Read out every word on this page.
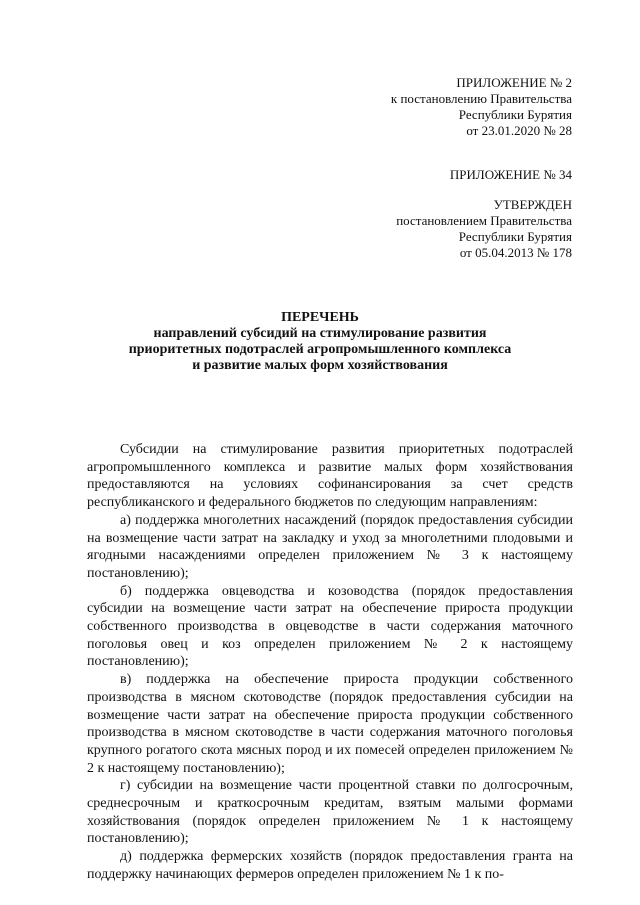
ПРИЛОЖЕНИЕ № 2
к постановлению Правительства
Республики Бурятия
от 23.01.2020 № 28
ПРИЛОЖЕНИЕ № 34
УТВЕРЖДЕН
постановлением Правительства
Республики Бурятия
от 05.04.2013 № 178
ПЕРЕЧЕНЬ
направлений субсидий на стимулирование развития
приоритетных подотраслей агропромышленного комплекса
и развитие малых форм хозяйствования

Субсидии на стимулирование развития приоритетных подотраслей агропромышленного комплекса и развитие малых форм хозяйствования предоставляются на условиях софинансирования за счет средств республиканского и федерального бюджетов по следующим направлениям:

а) поддержка многолетних насаждений (порядок предоставления субсидии на возмещение части затрат на закладку и уход за многолетними плодовыми и ягодными насаждениями определен приложением № 3 к настоящему постановлению);

б) поддержка овцеводства и козоводства (порядок предоставления субсидии на возмещение части затрат на обеспечение прироста продукции собственного производства в овцеводстве в части содержания маточного поголовья овец и коз определен приложением № 2 к настоящему постановлению);

в) поддержка на обеспечение прироста продукции собственного производства в мясном скотоводстве (порядок предоставления субсидии на возмещение части затрат на обеспечение прироста продукции собственного производства в мясном скотоводстве в части содержания маточного поголовья крупного рогатого скота мясных пород и их помесей определен приложением № 2 к настоящему постановлению);

г) субсидии на возмещение части процентной ставки по долгосрочным, среднесрочным и краткосрочным кредитам, взятым малыми формами хозяйствования (порядок определен приложением № 1 к настоящему постановлению);

д) поддержка фермерских хозяйств (порядок предоставления гранта на поддержку начинающих фермеров определен приложением № 1 к по-
